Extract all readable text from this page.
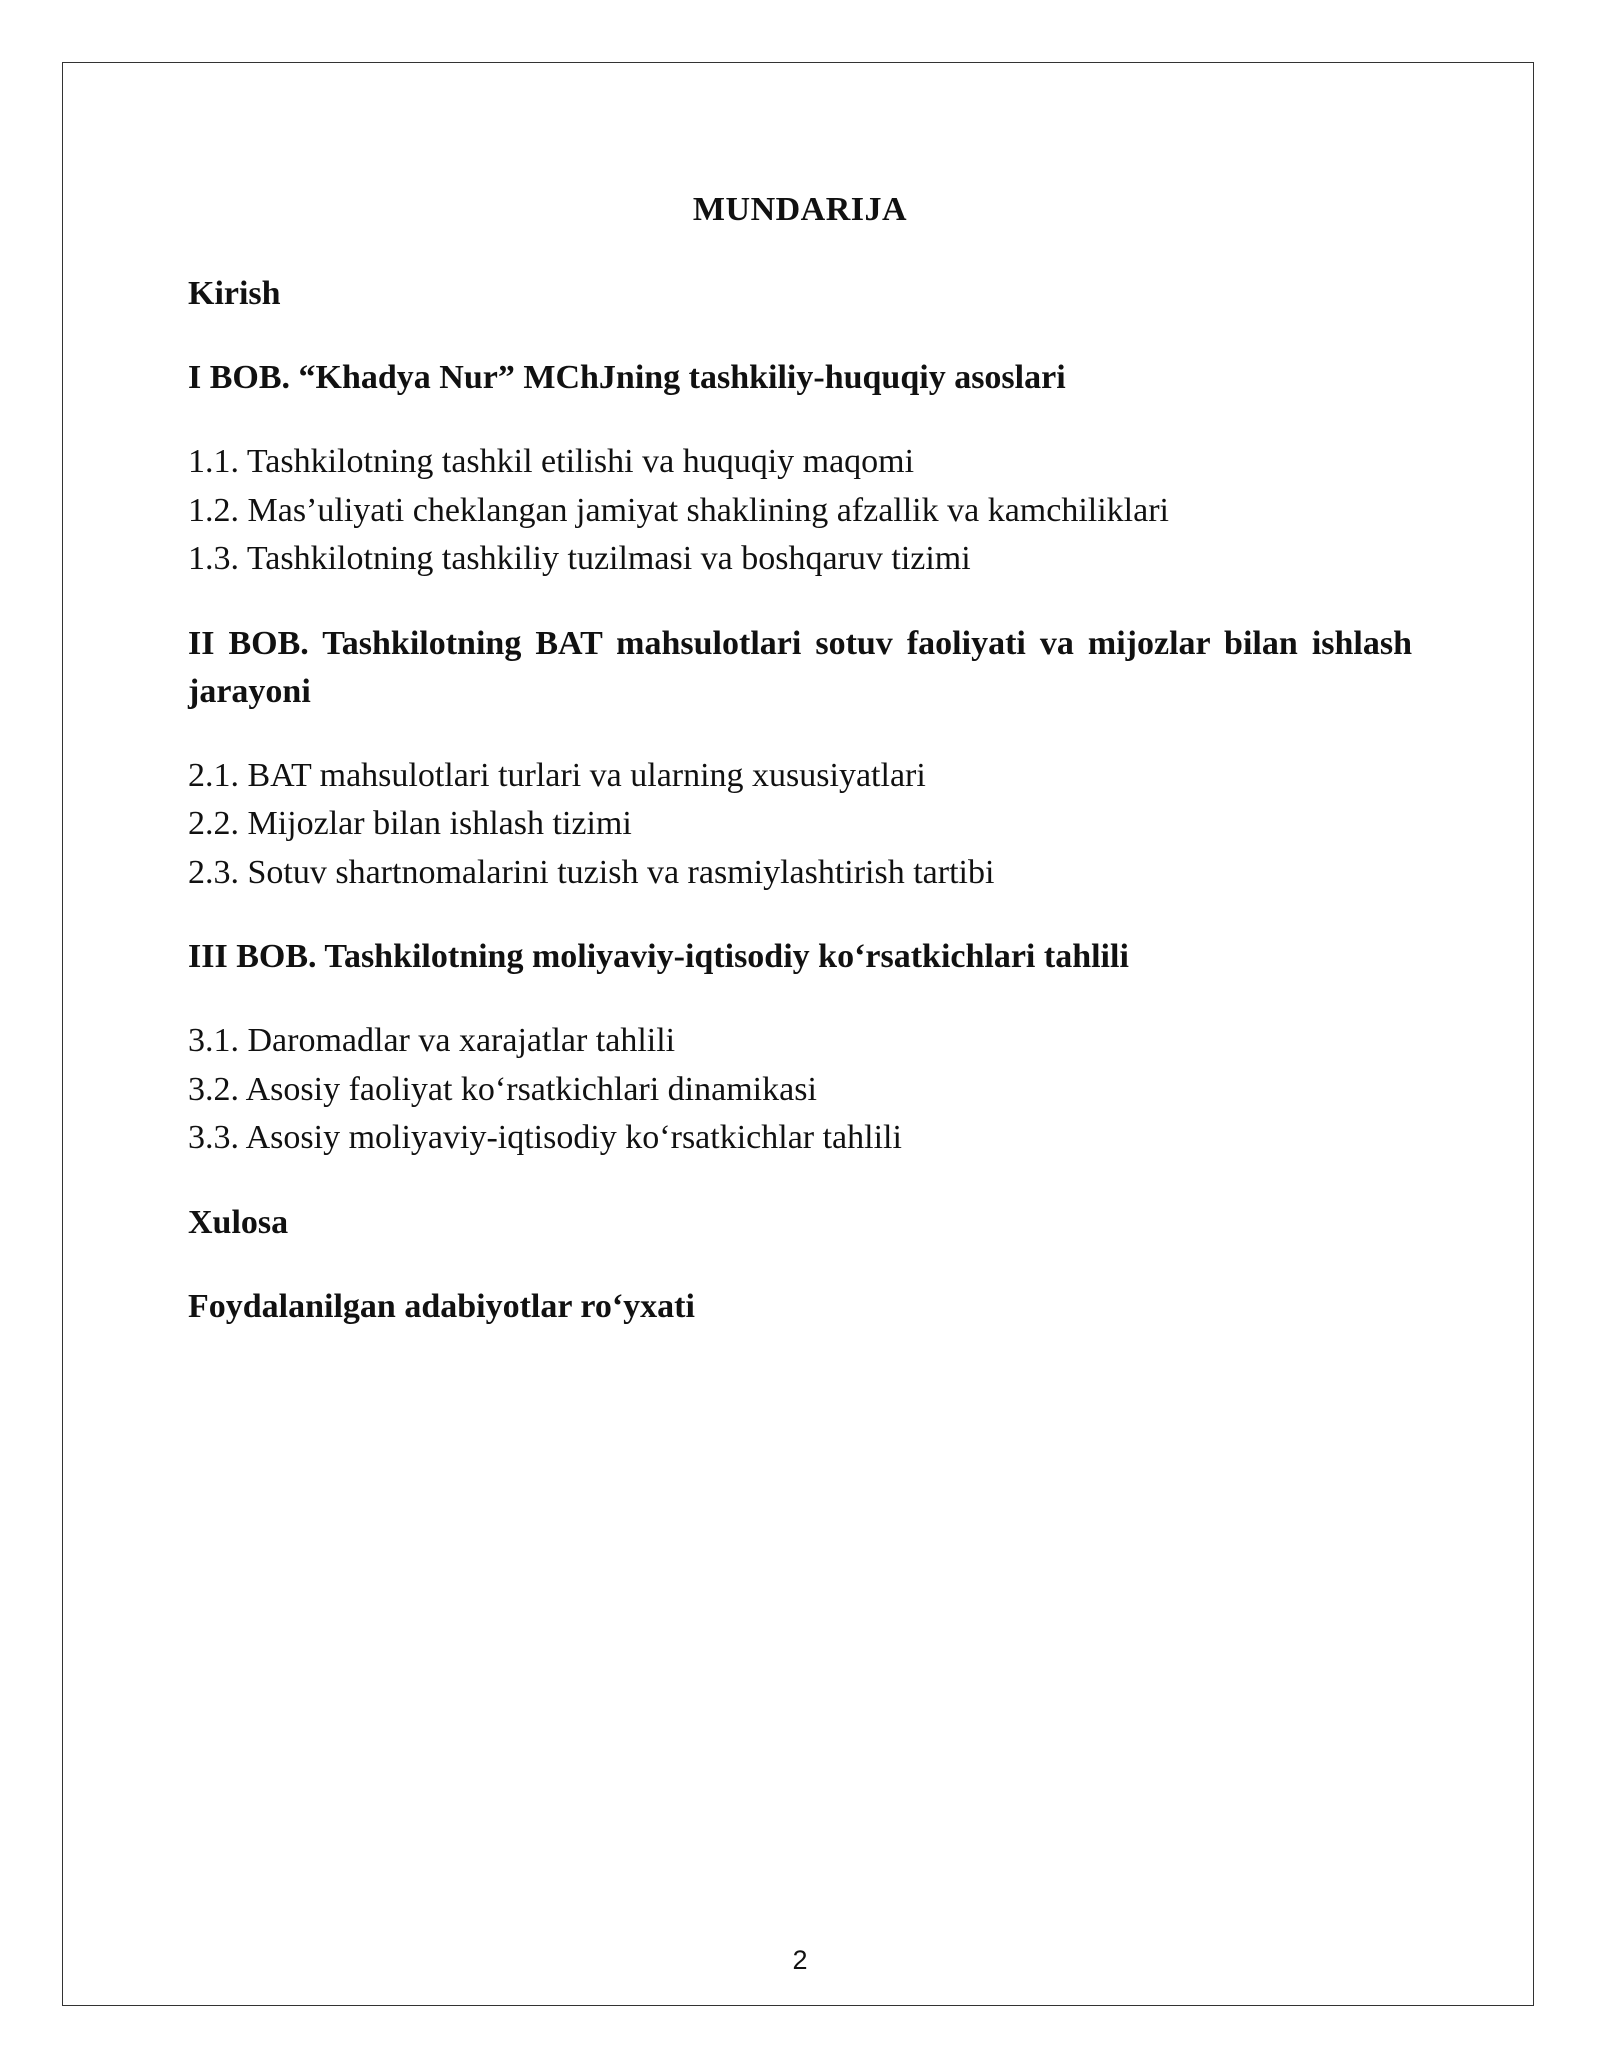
MUNDARIJA
Kirish
I BOB. “Khadya Nur” MChJning tashkiliy-huquqiy asoslari
1.1. Tashkilotning tashkil etilishi va huquqiy maqomi
1.2. Mas’uliyati cheklangan jamiyat shaklining afzallik va kamchiliklari
1.3. Tashkilotning tashkiliy tuzilmasi va boshqaruv tizimi
II BOB. Tashkilotning BAT mahsulotlari sotuv faoliyati va mijozlar bilan ishlash jarayoni
2.1. BAT mahsulotlari turlari va ularning xususiyatlari
2.2. Mijozlar bilan ishlash tizimi
2.3. Sotuv shartnomalarini tuzish va rasmiylashtirish tartibi
III BOB. Tashkilotning moliyaviy-iqtisodiy ko‘rsatkichlari tahlili
3.1. Daromadlar va xarajatlar tahlili
3.2. Asosiy faoliyat ko‘rsatkichlari dinamikasi
3.3. Asosiy moliyaviy-iqtisodiy ko‘rsatkichlar tahlili
Xulosa
Foydalanilgan adabiyotlar ro‘yxati
2
